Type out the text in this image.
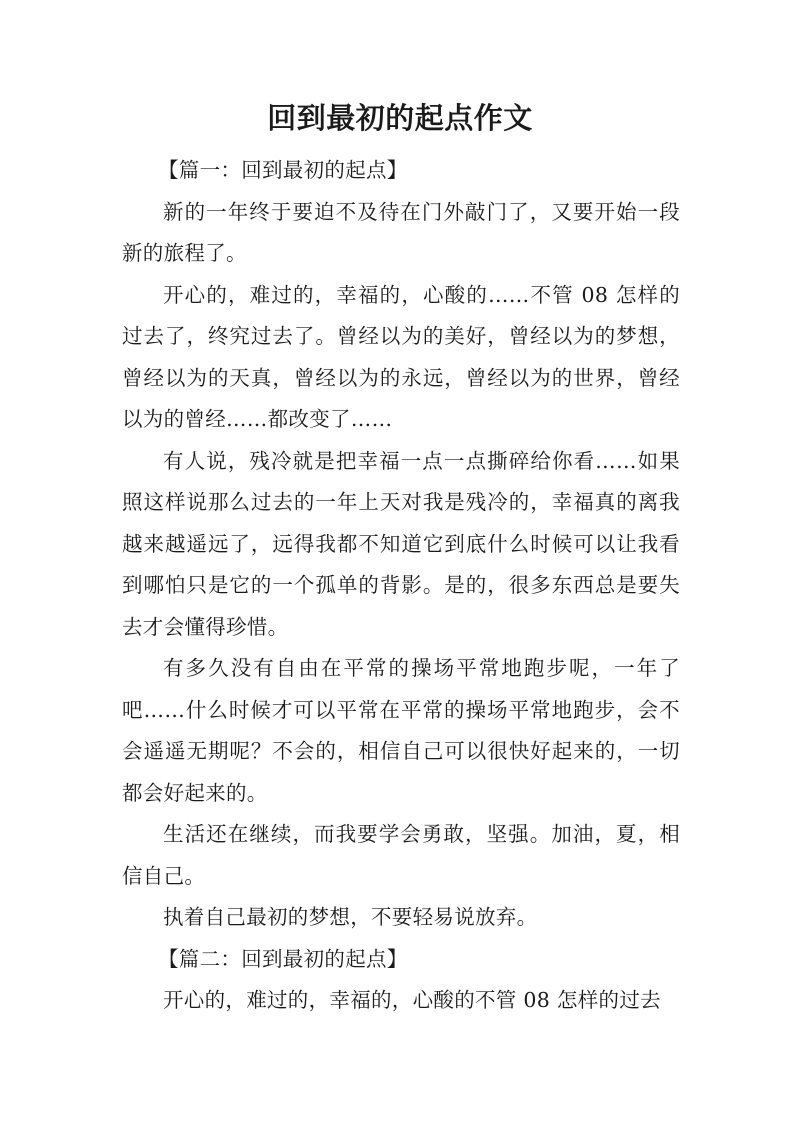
回到最初的起点作文

【篇一：回到最初的起点】

新的一年终于要迫不及待在门外敲门了，又要开始一段新的旅程了。

开心的，难过的，幸福的，心酸的……不管 08 怎样的过去了，终究过去了。曾经以为的美好，曾经以为的梦想，曾经以为的天真，曾经以为的永远，曾经以为的世界，曾经以为的曾经……都改变了……

有人说，残冷就是把幸福一点一点撕碎给你看……如果照这样说那么过去的一年上天对我是残冷的，幸福真的离我越来越遥远了，远得我都不知道它到底什么时候可以让我看到哪怕只是它的一个孤单的背影。是的，很多东西总是要失去才会懂得珍惜。

有多久没有自由在平常的操场平常地跑步呢，一年了吧……什么时候才可以平常在平常的操场平常地跑步，会不会遥遥无期呢？不会的，相信自己可以很快好起来的，一切都会好起来的。

生活还在继续，而我要学会勇敢，坚强。加油，夏，相信自己。

执着自己最初的梦想，不要轻易说放弃。

【篇二：回到最初的起点】

开心的，难过的，幸福的，心酸的不管 08 怎样的过去
